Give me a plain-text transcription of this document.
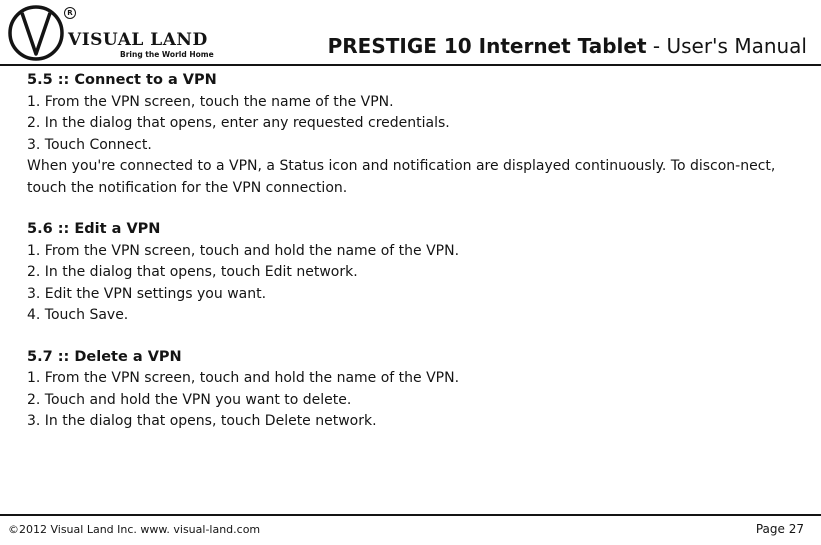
R
VISUAL LAND
Bring the World Home	PRESTIGE 10 Internet Tablet - User's Manual

5.5 :: Connect to a VPN

1. From the VPN screen, touch the name of the VPN.

2. In the dialog that opens, enter any requested credentials.

3. Touch Connect.

When you're connected to a VPN, a Status icon and notification are displayed continuously. To discon-nect, touch the notification for the VPN connection.

5.6 :: Edit a VPN

1. From the VPN screen, touch and hold the name of the VPN.

2. In the dialog that opens, touch Edit network.

3. Edit the VPN settings you want.

4. Touch Save.

5.7 :: Delete a VPN

1. From the VPN screen, touch and hold the name of the VPN.

2. Touch and hold the VPN you want to delete.

3. In the dialog that opens, touch Delete network.

©2012 Visual Land Inc. www. visual-land.com	Page 27
